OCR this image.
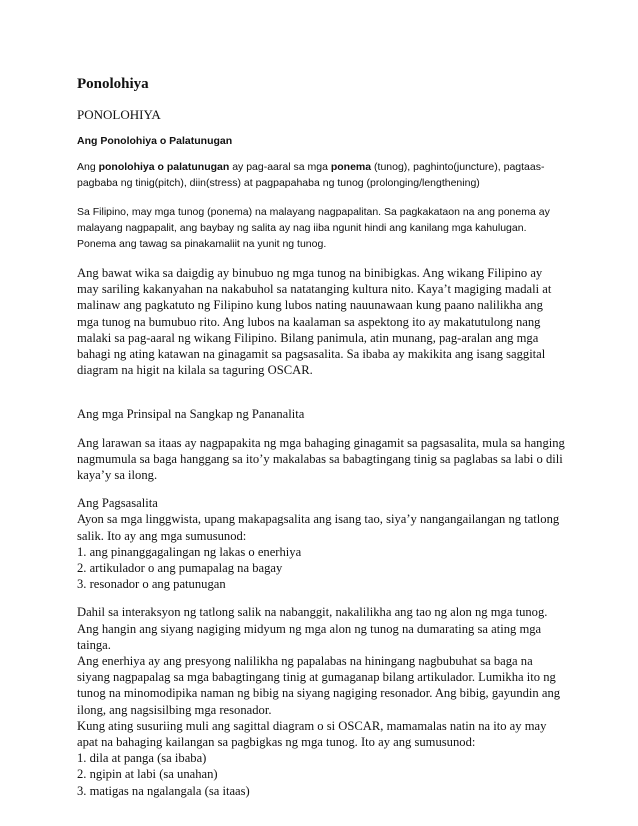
Ponolohiya

PONOLOHIYA

Ang Ponolohiya o Palatunugan

Ang ponolohiya o palatunugan ay pag-aaral sa mga ponema (tunog), paghinto(juncture), pagtaas-pagbaba ng tinig(pitch), diin(stress) at pagpapahaba ng tunog (prolonging/lengthening)

Sa Filipino, may mga tunog (ponema) na malayang nagpapalitan. Sa pagkakataon na ang ponema ay malayang nagpapalit, ang baybay ng salita ay nag iiba ngunit hindi ang kanilang mga kahulugan. Ponema ang tawag sa pinakamaliit na yunit ng tunog.

Ang bawat wika sa daigdig ay binubuo ng mga tunog na binibigkas. Ang wikang Filipino ay may sariling kakanyahan na nakabuhol sa natatanging kultura nito. Kaya’t magiging madali at malinaw ang pagkatuto ng Filipino kung lubos nating nauunawaan kung paano nalilikha ang mga tunog na bumubuo rito. Ang lubos na kaalaman sa aspektong ito ay makatutulong nang malaki sa pag-aaral ng wikang Filipino. Bilang panimula, atin munang, pag-aralan ang mga bahagi ng ating katawan na ginagamit sa pagsasalita. Sa ibaba ay makikita ang isang saggital diagram na higit na kilala sa taguring OSCAR.

Ang mga Prinsipal na Sangkap ng Pananalita

Ang larawan sa itaas ay nagpapakita ng mga bahaging ginagamit sa pagsasalita, mula sa hanging nagmumula sa baga hanggang sa ito’y makalabas sa babagtingang tinig sa paglabas sa labi o dili kaya’y sa ilong.

Ang Pagsasalita

Ayon sa mga linggwista, upang makapagsalita ang isang tao, siya’y nangangailangan ng tatlong salik. Ito ay ang mga sumusunod:

1. ang pinanggagalingan ng lakas o enerhiya

2. artikulador o ang pumapalag na bagay

3. resonador o ang patunugan

Dahil sa interaksyon ng tatlong salik na nabanggit, nakalilikha ang tao ng alon ng mga tunog. Ang hangin ang siyang nagiging midyum ng mga alon ng tunog na dumarating sa ating mga tainga.

Ang enerhiya ay ang presyong nalilikha ng papalabas na hiningang nagbubuhat sa baga na siyang nagpapalag sa mga babagtingang tinig at gumaganap bilang artikulador. Lumikha ito ng tunog na minomodipika naman ng bibig na siyang nagiging resonador. Ang bibig, gayundin ang ilong, ang nagsisilbing mga resonador.

Kung ating susuriing muli ang sagittal diagram o si OSCAR, mamamalas natin na ito ay may apat na bahaging kailangan sa pagbigkas ng mga tunog. Ito ay ang sumusunod:

1. dila at panga (sa ibaba)

2. ngipin at labi (sa unahan)

3. matigas na ngalangala (sa itaas)
